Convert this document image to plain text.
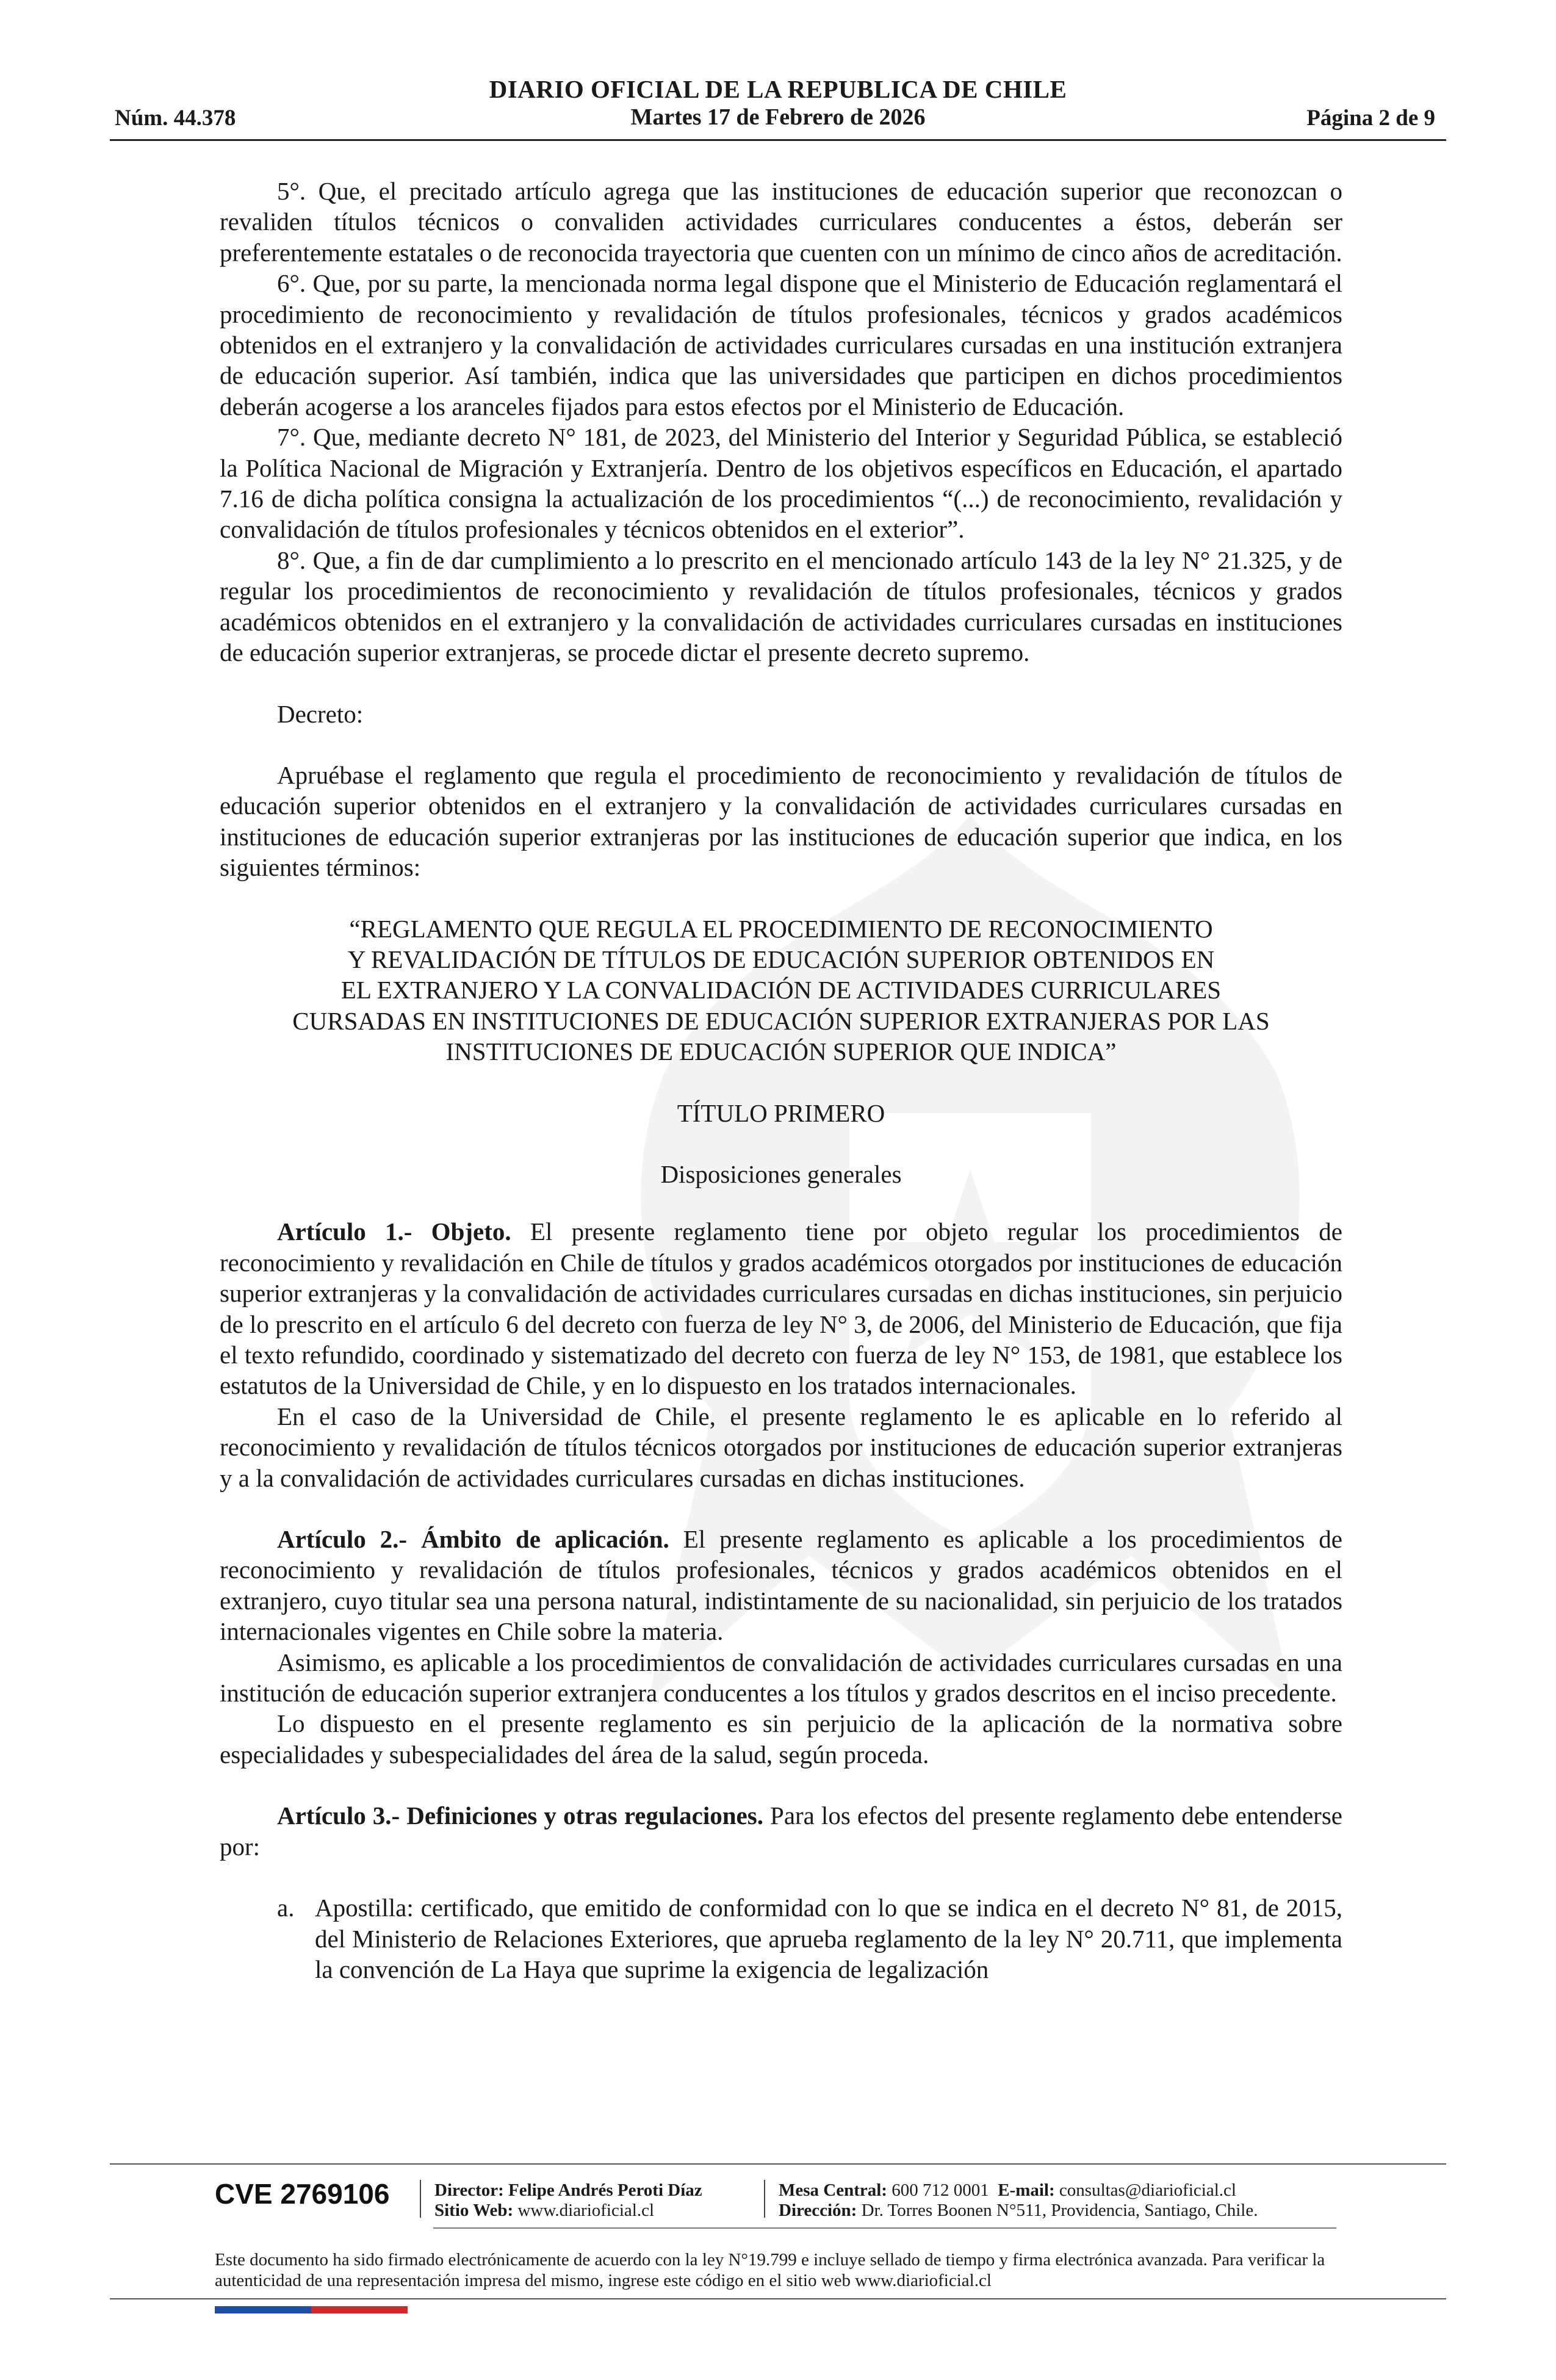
DIARIO OFICIAL DE LA REPUBLICA DE CHILE
Martes 17 de Febrero de 2026
Núm. 44.378	Página 2 de 9

5°. Que, el precitado artículo agrega que las instituciones de educación superior que reconozcan o revaliden títulos técnicos o convaliden actividades curriculares conducentes a éstos, deberán ser preferentemente estatales o de reconocida trayectoria que cuenten con un mínimo de cinco años de acreditación.

6°. Que, por su parte, la mencionada norma legal dispone que el Ministerio de Educación reglamentará el procedimiento de reconocimiento y revalidación de títulos profesionales, técnicos y grados académicos obtenidos en el extranjero y la convalidación de actividades curriculares cursadas en una institución extranjera de educación superior. Así también, indica que las universidades que participen en dichos procedimientos deberán acogerse a los aranceles fijados para estos efectos por el Ministerio de Educación.

7°. Que, mediante decreto N° 181, de 2023, del Ministerio del Interior y Seguridad Pública, se estableció la Política Nacional de Migración y Extranjería. Dentro de los objetivos específicos en Educación, el apartado 7.16 de dicha política consigna la actualización de los procedimientos “(...) de reconocimiento, revalidación y convalidación de títulos profesionales y técnicos obtenidos en el exterior”.

8°. Que, a fin de dar cumplimiento a lo prescrito en el mencionado artículo 143 de la ley N° 21.325, y de regular los procedimientos de reconocimiento y revalidación de títulos profesionales, técnicos y grados académicos obtenidos en el extranjero y la convalidación de actividades curriculares cursadas en instituciones de educación superior extranjeras, se procede dictar el presente decreto supremo.

Decreto:

Apruébase el reglamento que regula el procedimiento de reconocimiento y revalidación de títulos de educación superior obtenidos en el extranjero y la convalidación de actividades curriculares cursadas en instituciones de educación superior extranjeras por las instituciones de educación superior que indica, en los siguientes términos:

“REGLAMENTO QUE REGULA EL PROCEDIMIENTO DE RECONOCIMIENTO
Y REVALIDACIÓN DE TÍTULOS DE EDUCACIÓN SUPERIOR OBTENIDOS EN
EL EXTRANJERO Y LA CONVALIDACIÓN DE ACTIVIDADES CURRICULARES
CURSADAS EN INSTITUCIONES DE EDUCACIÓN SUPERIOR EXTRANJERAS POR LAS
INSTITUCIONES DE EDUCACIÓN SUPERIOR QUE INDICA”
TÍTULO PRIMERO
Disposiciones generales

Artículo 1.- Objeto. El presente reglamento tiene por objeto regular los procedimientos de reconocimiento y revalidación en Chile de títulos y grados académicos otorgados por instituciones de educación superior extranjeras y la convalidación de actividades curriculares cursadas en dichas instituciones, sin perjuicio de lo prescrito en el artículo 6 del decreto con fuerza de ley N° 3, de 2006, del Ministerio de Educación, que fija el texto refundido, coordinado y sistematizado del decreto con fuerza de ley N° 153, de 1981, que establece los estatutos de la Universidad de Chile, y en lo dispuesto en los tratados internacionales.

En el caso de la Universidad de Chile, el presente reglamento le es aplicable en lo referido al reconocimiento y revalidación de títulos técnicos otorgados por instituciones de educación superior extranjeras y a la convalidación de actividades curriculares cursadas en dichas instituciones.

Artículo 2.- Ámbito de aplicación. El presente reglamento es aplicable a los procedimientos de reconocimiento y revalidación de títulos profesionales, técnicos y grados académicos obtenidos en el extranjero, cuyo titular sea una persona natural, indistintamente de su nacionalidad, sin perjuicio de los tratados internacionales vigentes en Chile sobre la materia.

Asimismo, es aplicable a los procedimientos de convalidación de actividades curriculares cursadas en una institución de educación superior extranjera conducentes a los títulos y grados descritos en el inciso precedente.

Lo dispuesto en el presente reglamento es sin perjuicio de la aplicación de la normativa sobre especialidades y subespecialidades del área de la salud, según proceda.

Artículo 3.- Definiciones y otras regulaciones. Para los efectos del presente reglamento debe entenderse por:

a. Apostilla: certificado, que emitido de conformidad con lo que se indica en el decreto N° 81, de 2015, del Ministerio de Relaciones Exteriores, que aprueba reglamento de la ley N° 20.711, que implementa la convención de La Haya que suprime la exigencia de legalización
CVE 2769106	Director: Felipe Andrés Peroti Díaz
Sitio Web: www.diarioficial.cl
Mesa Central: 600 712 0001 E-mail: consultas@diarioficial.cl
Dirección: Dr. Torres Boonen N°511, Providencia, Santiago, Chile.
Este documento ha sido firmado electrónicamente de acuerdo con la ley N°19.799 e incluye sellado de tiempo y firma electrónica avanzada. Para verificar la autenticidad de una representación impresa del mismo, ingrese este código en el sitio web www.diarioficial.cl
